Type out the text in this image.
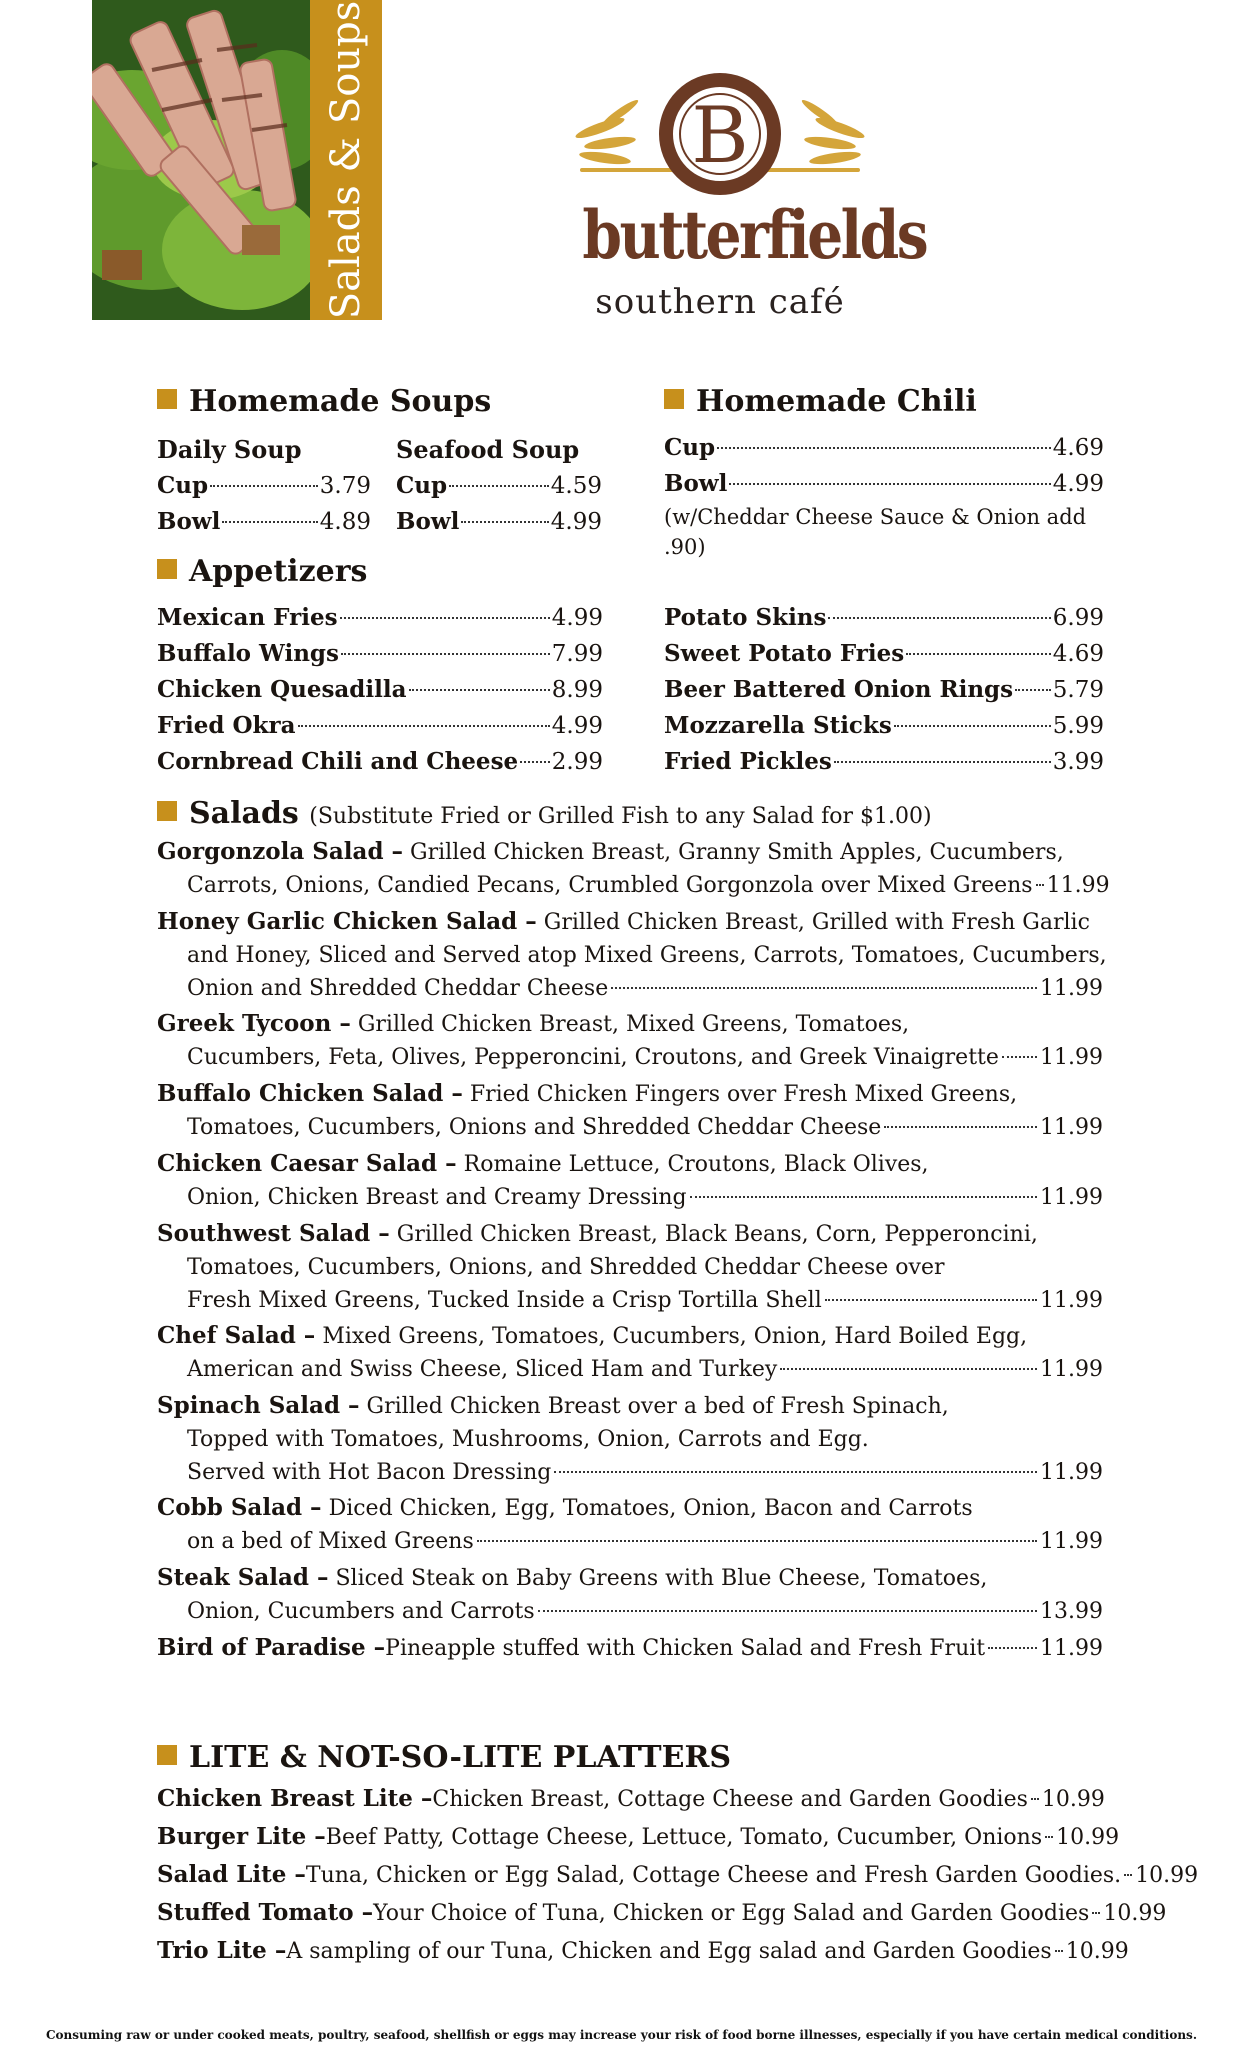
Salads & Soups	B
butterfields
southern café
Homemade Soups
Daily Soup
Cup	3.79
Bowl	4.89
Seafood Soup
Cup	4.59
Bowl	4.99
Homemade Chili
Cup	4.69
Bowl	4.99
(w/Cheddar Cheese Sauce & Onion add .90)
Appetizers
Mexican Fries	4.99
Buffalo Wings	7.99
Chicken Quesadilla	8.99
Fried Okra	4.99
Cornbread Chili and Cheese 2.99
Potato Skins	6.99
Sweet Potato Fries	4.69
Beer Battered Onion Rings 5.79
Mozzarella Sticks	5.99
Fried Pickles	3.99
Salads (Substitute Fried or Grilled Fish to any Salad for $1.00)
Gorgonzola Salad – Grilled Chicken Breast, Granny Smith Apples, Cucumbers,
Carrots, Onions, Candied Pecans, Crumbled Gorgonzola over Mixed Greens 11.99
Honey Garlic Chicken Salad – Grilled Chicken Breast, Grilled with Fresh Garlic
and Honey, Sliced and Served atop Mixed Greens, Carrots, Tomatoes, Cucumbers,
Onion and Shredded Cheddar Cheese	11.99
Greek Tycoon – Grilled Chicken Breast, Mixed Greens, Tomatoes,
Cucumbers, Feta, Olives, Pepperoncini, Croutons, and Greek Vinaigrette 11.99
Buffalo Chicken Salad – Fried Chicken Fingers over Fresh Mixed Greens,
Tomatoes, Cucumbers, Onions and Shredded Cheddar Cheese	11.99
Chicken Caesar Salad – Romaine Lettuce, Croutons, Black Olives,
Onion, Chicken Breast and Creamy Dressing	11.99
Southwest Salad – Grilled Chicken Breast, Black Beans, Corn, Pepperoncini,
Tomatoes, Cucumbers, Onions, and Shredded Cheddar Cheese over
Fresh Mixed Greens, Tucked Inside a Crisp Tortilla Shell	11.99
Chef Salad – Mixed Greens, Tomatoes, Cucumbers, Onion, Hard Boiled Egg,
American and Swiss Cheese, Sliced Ham and Turkey	11.99
Spinach Salad – Grilled Chicken Breast over a bed of Fresh Spinach,
Topped with Tomatoes, Mushrooms, Onion, Carrots and Egg.
Served with Hot Bacon Dressing	11.99
Cobb Salad – Diced Chicken, Egg, Tomatoes, Onion, Bacon and Carrots
on a bed of Mixed Greens	11.99
Steak Salad – Sliced Steak on Baby Greens with Blue Cheese, Tomatoes,
Onion, Cucumbers and Carrots	13.99
Bird of Paradise – Pineapple stuffed with Chicken Salad and Fresh Fruit 11.99
LITE & NOT-SO-LITE PLATTERS
Chicken Breast Lite – Chicken Breast, Cottage Cheese and Garden Goodies 10.99
Burger Lite – Beef Patty, Cottage Cheese, Lettuce, Tomato, Cucumber, Onions 10.99
Salad Lite – Tuna, Chicken or Egg Salad, Cottage Cheese and Fresh Garden Goodies. 10.99
Stuffed Tomato – Your Choice of Tuna, Chicken or Egg Salad and Garden Goodies 10.99
Trio Lite – A sampling of our Tuna, Chicken and Egg salad and Garden Goodies 10.99
Consuming raw or under cooked meats, poultry, seafood, shellfish or eggs may increase your risk of food borne illnesses, especially if you have certain medical conditions.
